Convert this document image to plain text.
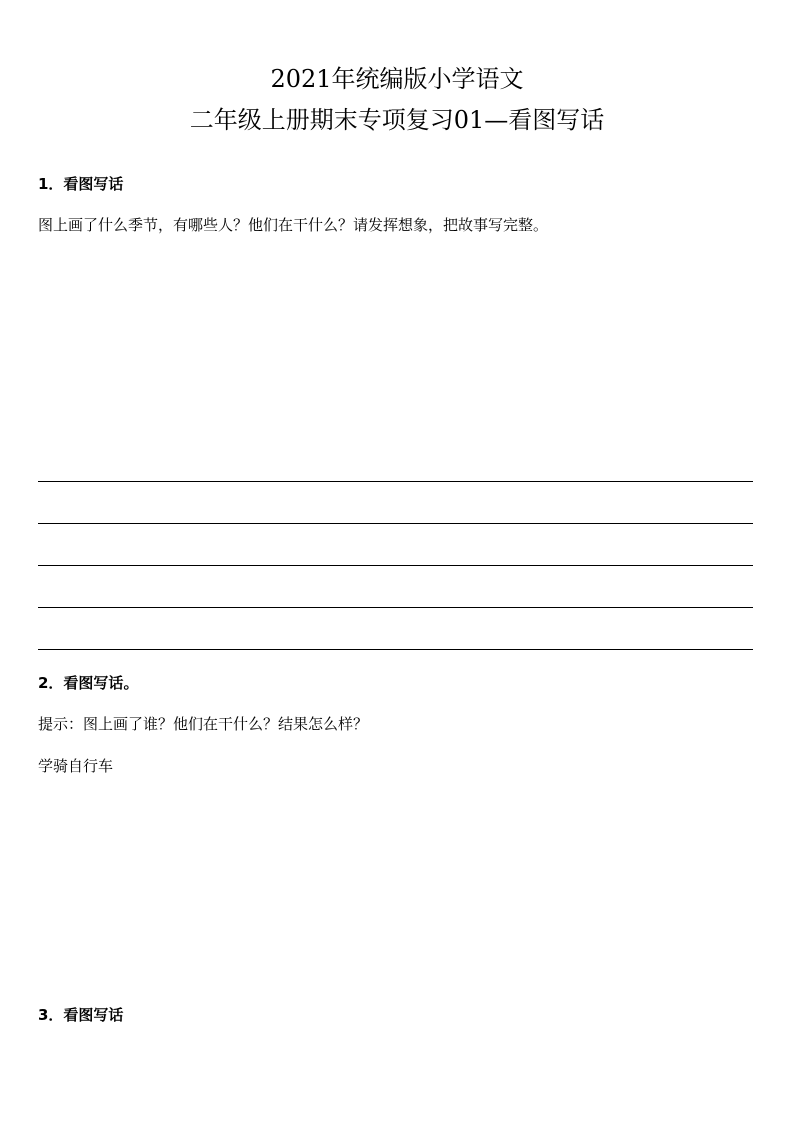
2021年统编版小学语文
二年级上册期末专项复习01—看图写话
1．看图写话
图上画了什么季节，有哪些人？他们在干什么？请发挥想象，把故事写完整。
2．看图写话。
提示：图上画了谁？他们在干什么？结果怎么样？
学骑自行车
3．看图写话
